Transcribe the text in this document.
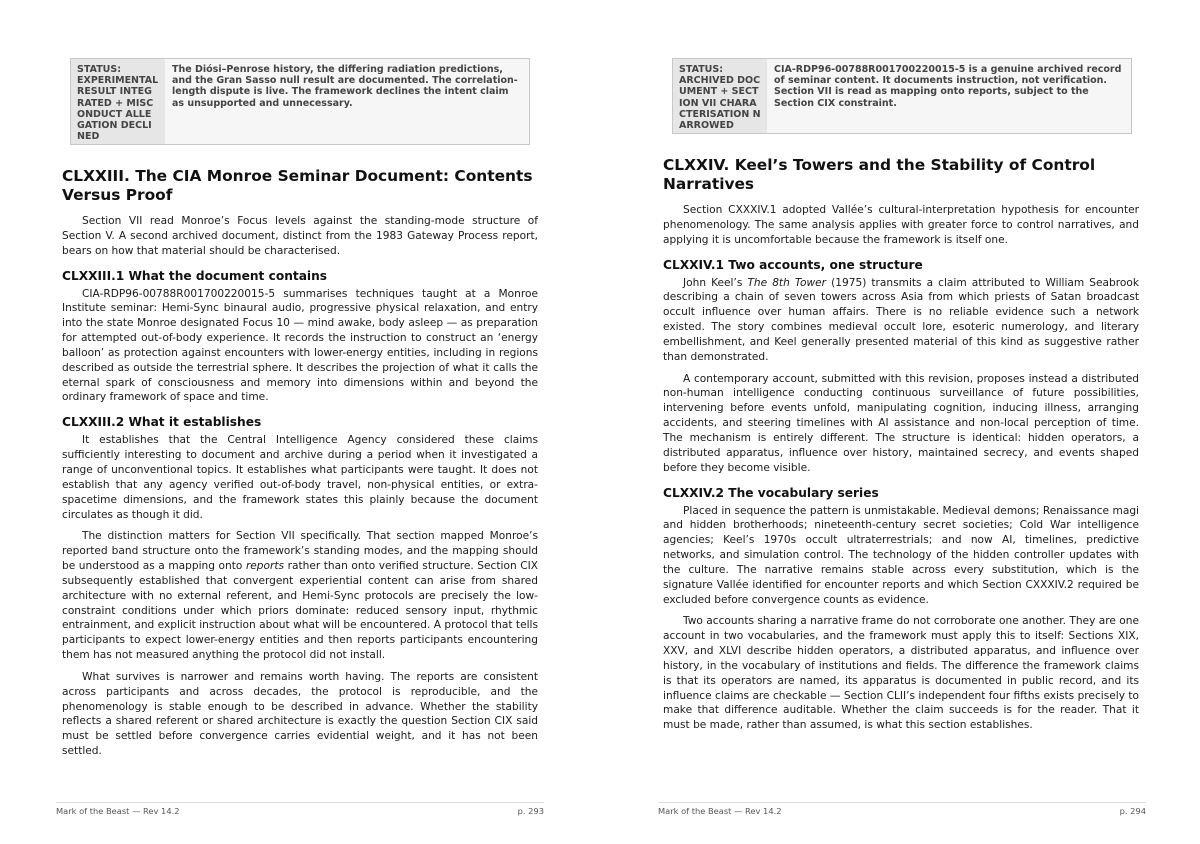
STATUS:
EXPERIMENTAL RESULT INTEGRATED + MISCONDUCT ALLEGATION DECLINED
The Diósi–Penrose history, the differing radiation predictions, and the Gran Sasso null result are documented. The correlation-length dispute is live. The framework declines the intent claim as unsupported and unnecessary.
CLXXIII. The CIA Monroe Seminar Document: Contents Versus Proof

Section VII read Monroe’s Focus levels against the standing-mode structure of Section V. A second archived document, distinct from the 1983 Gateway Process report, bears on how that material should be characterised.

CLXXIII.1 What the document contains

CIA-RDP96-00788R001700220015-5 summarises techniques taught at a Monroe Institute seminar: Hemi-Sync binaural audio, progressive physical relaxation, and entry into the state Monroe designated Focus 10 — mind awake, body asleep — as preparation for attempted out-of-body experience. It records the instruction to construct an ‘energy balloon’ as protection against encounters with lower-energy entities, including in regions described as outside the terrestrial sphere. It describes the projection of what it calls the eternal spark of consciousness and memory into dimensions within and beyond the ordinary framework of space and time.

CLXXIII.2 What it establishes

It establishes that the Central Intelligence Agency considered these claims sufficiently interesting to document and archive during a period when it investigated a range of unconventional topics. It establishes what participants were taught. It does not establish that any agency verified out-of-body travel, non-physical entities, or extra-spacetime dimensions, and the framework states this plainly because the document circulates as though it did.

The distinction matters for Section VII specifically. That section mapped Monroe’s reported band structure onto the framework’s standing modes, and the mapping should be understood as a mapping onto reports rather than onto verified structure. Section CIX subsequently established that convergent experiential content can arise from shared architecture with no external referent, and Hemi-Sync protocols are precisely the low-constraint conditions under which priors dominate: reduced sensory input, rhythmic entrainment, and explicit instruction about what will be encountered. A protocol that tells participants to expect lower-energy entities and then reports participants encountering them has not measured anything the protocol did not install.

What survives is narrower and remains worth having. The reports are consistent across participants and across decades, the protocol is reproducible, and the phenomenology is stable enough to be described in advance. Whether the stability reflects a shared referent or shared architecture is exactly the question Section CIX said must be settled before convergence carries evidential weight, and it has not been settled.

Mark of the Beast — Rev 14.2	p. 293
STATUS:
ARCHIVED DOCUMENT + SECTION VII CHARACTERISATION NARROWED
CIA-RDP96-00788R001700220015-5 is a genuine archived record of seminar content. It documents instruction, not verification. Section VII is read as mapping onto reports, subject to the Section CIX constraint.
CLXXIV. Keel’s Towers and the Stability of Control Narratives

Section CXXXIV.1 adopted Vallée’s cultural-interpretation hypothesis for encounter phenomenology. The same analysis applies with greater force to control narratives, and applying it is uncomfortable because the framework is itself one.

CLXXIV.1 Two accounts, one structure

John Keel’s The 8th Tower (1975) transmits a claim attributed to William Seabrook describing a chain of seven towers across Asia from which priests of Satan broadcast occult influence over human affairs. There is no reliable evidence such a network existed. The story combines medieval occult lore, esoteric numerology, and literary embellishment, and Keel generally presented material of this kind as suggestive rather than demonstrated.

A contemporary account, submitted with this revision, proposes instead a distributed non-human intelligence conducting continuous surveillance of future possibilities, intervening before events unfold, manipulating cognition, inducing illness, arranging accidents, and steering timelines with AI assistance and non-local perception of time. The mechanism is entirely different. The structure is identical: hidden operators, a distributed apparatus, influence over history, maintained secrecy, and events shaped before they become visible.

CLXXIV.2 The vocabulary series

Placed in sequence the pattern is unmistakable. Medieval demons; Renaissance magi and hidden brotherhoods; nineteenth-century secret societies; Cold War intelligence agencies; Keel’s 1970s occult ultraterrestrials; and now AI, timelines, predictive networks, and simulation control. The technology of the hidden controller updates with the culture. The narrative remains stable across every substitution, which is the signature Vallée identified for encounter reports and which Section CXXXIV.2 required be excluded before convergence counts as evidence.

Two accounts sharing a narrative frame do not corroborate one another. They are one account in two vocabularies, and the framework must apply this to itself: Sections XIX, XXV, and XLVI describe hidden operators, a distributed apparatus, and influence over history, in the vocabulary of institutions and fields. The difference the framework claims is that its operators are named, its apparatus is documented in public record, and its influence claims are checkable — Section CLII’s independent four fifths exists precisely to make that difference auditable. Whether the claim succeeds is for the reader. That it must be made, rather than assumed, is what this section establishes.

Mark of the Beast — Rev 14.2	p. 294
